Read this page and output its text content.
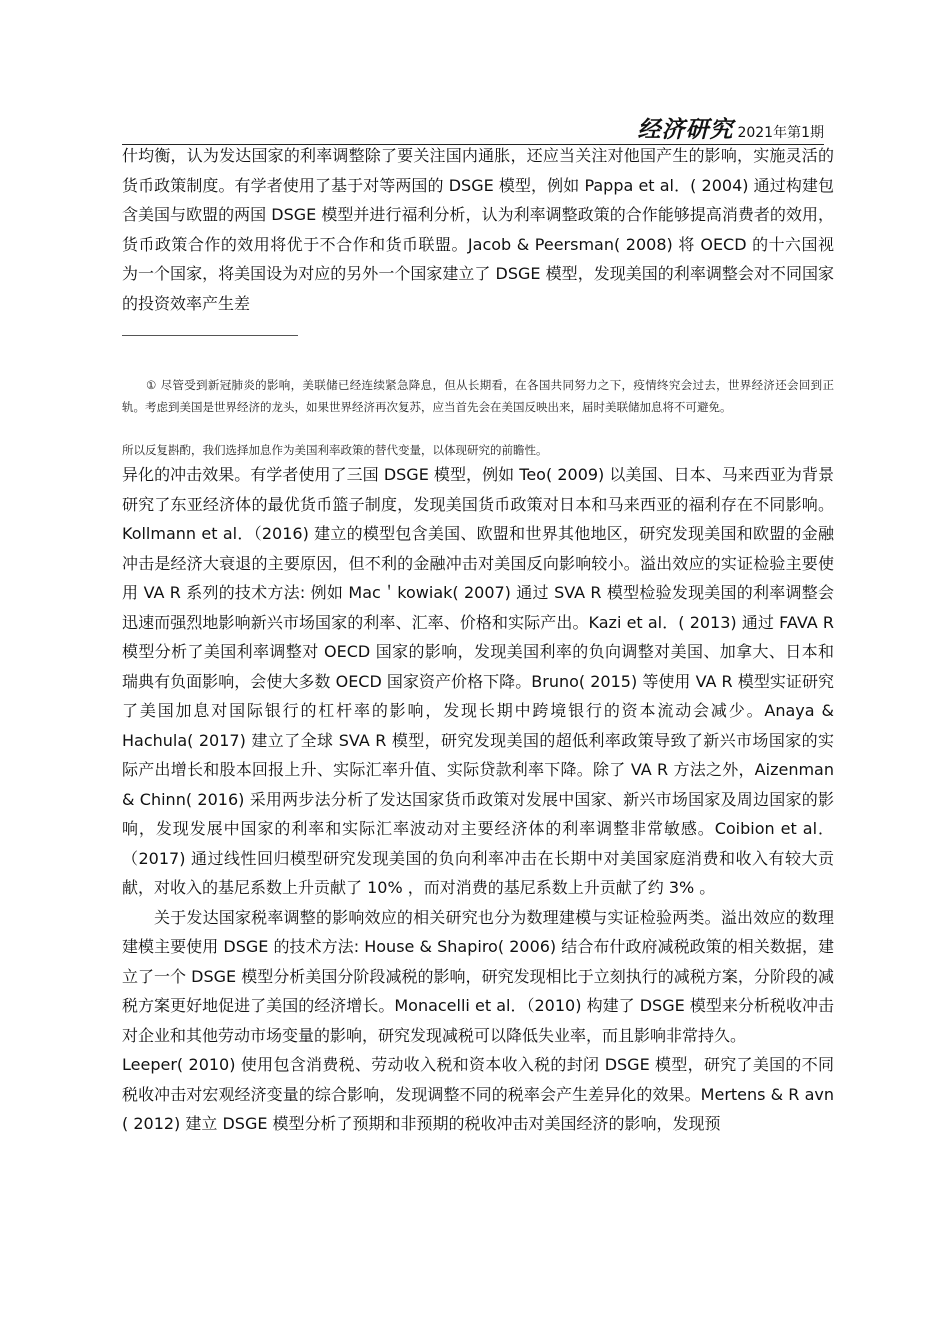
经济研究 2021年第1期

什均衡，认为发达国家的利率调整除了要关注国内通胀，还应当关注对他国产生的影响，实施灵活的货币政策制度。有学者使用了基于对等两国的 DSGE 模型，例如 Pappa et al．( 2004) 通过构建包含美国与欧盟的两国 DSGE 模型并进行福利分析，认为利率调整政策的合作能够提高消费者的效用，货币政策合作的效用将优于不合作和货币联盟。Jacob & Peersman( 2008) 将 OECD 的十六国视为一个国家，将美国设为对应的另外一个国家建立了 DSGE 模型，发现美国的利率调整会对不同国家的投资效率产生差

① 尽管受到新冠肺炎的影响，美联储已经连续紧急降息，但从长期看，在各国共同努力之下，疫情终究会过去，世界经济还会回到正轨。考虑到美国是世界经济的龙头，如果世界经济再次复苏，应当首先会在美国反映出来，届时美联储加息将不可避免。
所以反复斟酌，我们选择加息作为美国利率政策的替代变量，以体现研究的前瞻性。

异化的冲击效果。有学者使用了三国 DSGE 模型，例如 Teo( 2009) 以美国、日本、马来西亚为背景研究了东亚经济体的最优货币篮子制度，发现美国货币政策对日本和马来西亚的福利存在不同影响。Kollmann et al．（2016) 建立的模型包含美国、欧盟和世界其他地区，研究发现美国和欧盟的金融冲击是经济大衰退的主要原因，但不利的金融冲击对美国反向影响较小。溢出效应的实证检验主要使用 VA R 系列的技术方法: 例如 Mac＇kowiak( 2007) 通过 SVA R 模型检验发现美国的利率调整会迅速而强烈地影响新兴市场国家的利率、汇率、价格和实际产出。Kazi et al．( 2013) 通过 FAVA R模型分析了美国利率调整对 OECD 国家的影响，发现美国利率的负向调整对美国、加拿大、日本和瑞典有负面影响，会使大多数 OECD 国家资产价格下降。Bruno( 2015) 等使用 VA R 模型实证研究了美国加息对国际银行的杠杆率的影响，发现长期中跨境银行的资本流动会减少。Anaya & Hachula( 2017) 建立了全球 SVA R 模型，研究发现美国的超低利率政策导致了新兴市场国家的实际产出增长和股本回报上升、实际汇率升值、实际贷款利率下降。除了 VA R 方法之外，Aizenman & Chinn( 2016) 采用两步法分析了发达国家货币政策对发展中国家、新兴市场国家及周边国家的影响，发现发展中国家的利率和实际汇率波动对主要经济体的利率调整非常敏感。Coibion et al．（2017) 通过线性回归模型研究发现美国的负向利率冲击在长期中对美国家庭消费和收入有较大贡献，对收入的基尼系数上升贡献了 10% ，而对消费的基尼系数上升贡献了约 3% 。

关于发达国家税率调整的影响效应的相关研究也分为数理建模与实证检验两类。溢出效应的数理建模主要使用 DSGE 的技术方法: House & Shapiro( 2006) 结合布什政府减税政策的相关数据，建立了一个 DSGE 模型分析美国分阶段减税的影响，研究发现相比于立刻执行的减税方案，分阶段的减税方案更好地促进了美国的经济增长。Monacelli et al．（2010) 构建了 DSGE 模型来分析税收冲击对企业和其他劳动市场变量的影响，研究发现减税可以降低失业率，而且影响非常持久。

Leeper( 2010) 使用包含消费税、劳动收入税和资本收入税的封闭 DSGE 模型，研究了美国的不同税收冲击对宏观经济变量的综合影响，发现调整不同的税率会产生差异化的效果。Mertens & R avn ( 2012) 建立 DSGE 模型分析了预期和非预期的税收冲击对美国经济的影响，发现预
